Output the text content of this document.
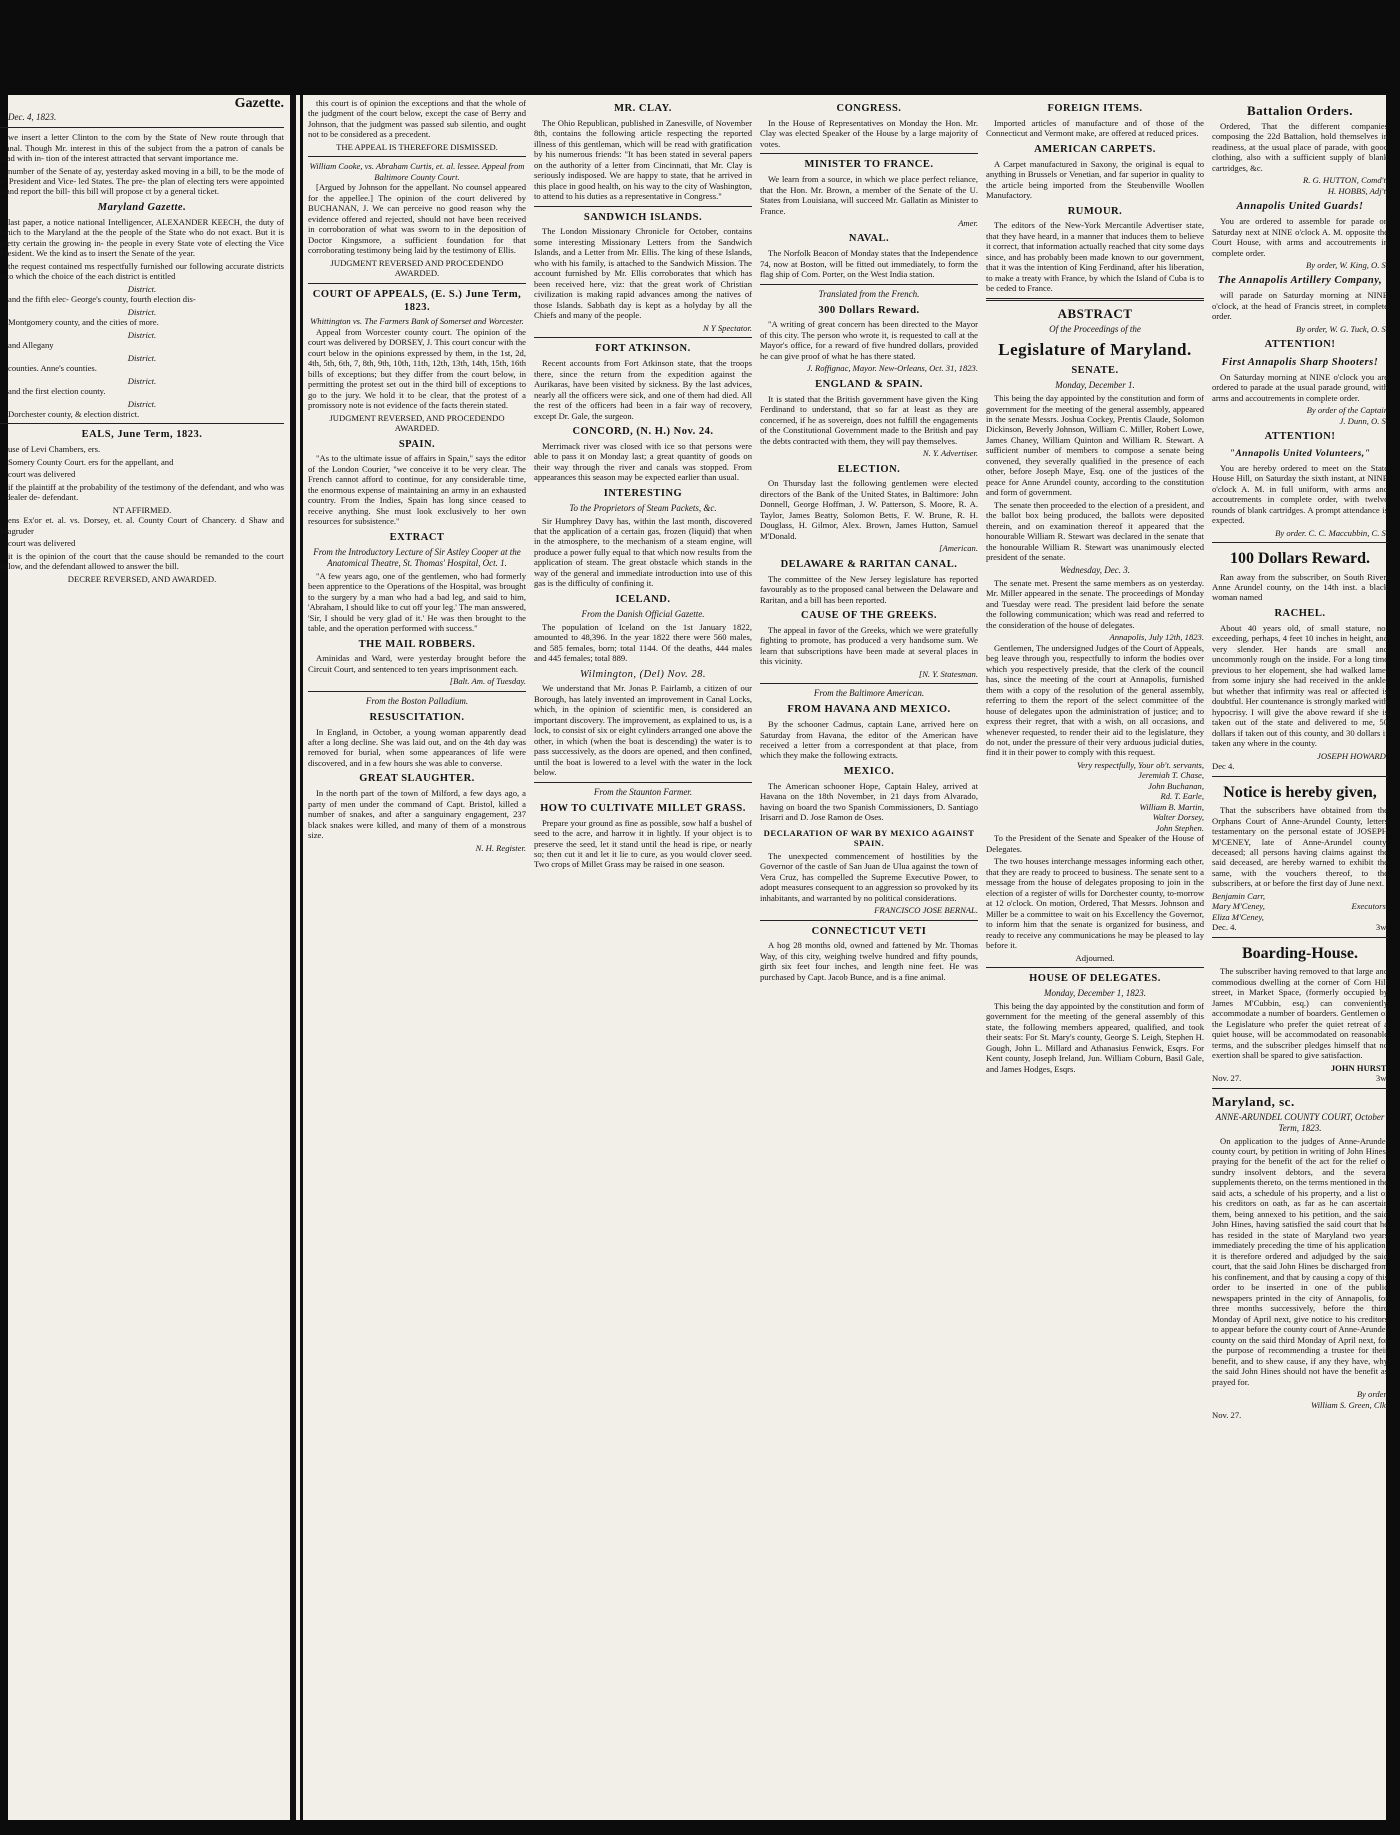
Gazette.
y, Dec. 4, 1823.

we insert a letter Clinton to the com by the State of New route through that Canal. Though Mr. interest in this of the subject from the a patron of canals be read with in- tion of the interest attracted that servant importance me.

number of the Senate of ay, yesterday asked moving in a bill, to be the mode of e- President and Vice- led States. The pre- the plan of electing ters were appointed a and report the bill- this bill will propose ct by a general ticket.

Maryland Gazette.

last paper, a notice national Intelligencer, ALEXANDER KEECH, the duty of which to the Maryland at the the people of the State who do not exact. But it is pretty certain the growing in- the people in every State vote of electing the Vice President. We the kind as to insert the Senate of the year.

the request contained ms respectfully furnished our following accurate districts into which the choice of the each district is entitled

District.

and the fifth elec- George's county, fourth election dis-

District.

Montgomery county, and the cities of more.

District.

and Allegany

District.

counties. Anne's counties.

District.

and the first election county.

District.

Dorchester county, & election district.

EALS, June Term, 1823.

use of Levi Chambers, ers.

Somery County Court. ers for the appellant, and

court was delivered

if the plaintiff at the probability of the testimony of the defendant, and who was a dealer de- defendant.

NT AFFIRMED.

ens Ex'or et. al. vs. Dorsey, et. al. County Court of Chancery. d Shaw and Magruder

court was delivered

it is the opinion of the court that the cause should be remanded to the court below, and the defendant allowed to answer the bill.

DECREE REVERSED, AND AWARDED.

this court is of opinion the exceptions and that the whole of the judgment of the court below, except the case of Berry and Johnson, that the judgment was passed sub silentio, and ought not to be considered as a precedent.

THE APPEAL IS THEREFORE DISMISSED.
William Cooke, vs. Abraham Curtis, et. al. lessee. Appeal from Baltimore County Court.

[Argued by Johnson for the appellant. No counsel appeared for the appellee.] The opinion of the court delivered by BUCHANAN, J. We can perceive no good reason why the evidence offered and rejected, should not have been received in corroboration of what was sworn to in the deposition of Doctor Kingsmore, a sufficient foundation for that corroborating testimony being laid by the testimony of Ellis.

JUDGMENT REVERSED AND PROCEDENDO AWARDED.
COURT OF APPEALS, (E. S.) June Term, 1823.
Whittington vs. The Farmers Bank of Somerset and Worcester.

Appeal from Worcester county court. The opinion of the court was delivered by DORSEY, J. This court concur with the court below in the opinions expressed by them, in the 1st, 2d, 4th, 5th, 6th, 7, 8th, 9th, 10th, 11th, 12th, 13th, 14th, 15th, 16th bills of exceptions; but they differ from the court below, in permitting the protest set out in the third bill of exceptions to go to the jury. We hold it to be clear, that the protest of a promissory note is not evidence of the facts therein stated.

JUDGMENT REVERSED, AND PROCEDENDO AWARDED.
SPAIN.

"As to the ultimate issue of affairs in Spain," says the editor of the London Courier, "we conceive it to be very clear. The French cannot afford to continue, for any considerable time, the enormous expense of maintaining an army in an exhausted country. From the Indies, Spain has long since ceased to receive anything. She must look exclusively to her own resources for subsistence."

EXTRACT
From the Introductory Lecture of Sir Astley Cooper at the Anatomical Theatre, St. Thomas' Hospital, Oct. 1.

"A few years ago, one of the gentlemen, who had formerly been apprentice to the Operations of the Hospital, was brought to the surgery by a man who had a bad leg, and said to him, 'Abraham, I should like to cut off your leg.' The man answered, 'Sir, I should be very glad of it.' He was then brought to the table, and the operation performed with success."

THE MAIL ROBBERS.

Aminidas and Ward, were yesterday brought before the Circuit Court, and sentenced to ten years imprisonment each.

[Balt. Am. of Tuesday.
From the Boston Palladium.
RESUSCITATION.

In England, in October, a young woman apparently dead after a long decline. She was laid out, and on the 4th day was removed for burial, when some appearances of life were discovered, and in a few hours she was able to converse.

GREAT SLAUGHTER.

In the north part of the town of Milford, a few days ago, a party of men under the command of Capt. Bristol, killed a number of snakes, and after a sanguinary engagement, 237 black snakes were killed, and many of them of a monstrous size.

N. H. Register.
MR. CLAY.

The Ohio Republican, published in Zanesville, of November 8th, contains the following article respecting the reported illness of this gentleman, which will be read with gratification by his numerous friends: "It has been stated in several papers on the authority of a letter from Cincinnati, that Mr. Clay is seriously indisposed. We are happy to state, that he arrived in this place in good health, on his way to the city of Washington, to attend to his duties as a representative in Congress."

SANDWICH ISLANDS.

The London Missionary Chronicle for October, contains some interesting Missionary Letters from the Sandwich Islands, and a Letter from Mr. Ellis. The king of these Islands, who with his family, is attached to the Sandwich Mission. The account furnished by Mr. Ellis corroborates that which has been received here, viz: that the great work of Christian civilization is making rapid advances among the natives of those Islands. Sabbath day is kept as a holyday by all the Chiefs and many of the people.

N Y Spectator.
FORT ATKINSON.

Recent accounts from Fort Atkinson state, that the troops there, since the return from the expedition against the Aurikaras, have been visited by sickness. By the last advices, nearly all the officers were sick, and one of them had died. All the rest of the officers had been in a fair way of recovery, except Dr. Gale, the surgeon.

CONCORD, (N. H.) Nov. 24.

Merrimack river was closed with ice so that persons were able to pass it on Monday last; a great quantity of goods on their way through the river and canals was stopped. From appearances this season may be expected earlier than usual.

INTERESTING
To the Proprietors of Steam Packets, &c.

Sir Humphrey Davy has, within the last month, discovered that the application of a certain gas, frozen (liquid) that when in the atmosphere, to the mechanism of a steam engine, will produce a power fully equal to that which now results from the application of steam. The great obstacle which stands in the way of the general and immediate introduction into use of this gas is the difficulty of confining it.

ICELAND.
From the Danish Official Gazette.

The population of Iceland on the 1st January 1822, amounted to 48,396. In the year 1822 there were 560 males, and 585 females, born; total 1144. Of the deaths, 444 males and 445 females; total 889.

Wilmington, (Del) Nov. 28.

We understand that Mr. Jonas P. Fairlamb, a citizen of our Borough, has lately invented an improvement in Canal Locks, which, in the opinion of scientific men, is considered an important discovery. The improvement, as explained to us, is a lock, to consist of six or eight cylinders arranged one above the other, in which (when the boat is descending) the water is to pass successively, as the doors are opened, and then confined, until the boat is lowered to a level with the water in the lock below.

From the Staunton Farmer.
HOW TO CULTIVATE MILLET GRASS.

Prepare your ground as fine as possible, sow half a bushel of seed to the acre, and harrow it in lightly. If your object is to preserve the seed, let it stand until the head is ripe, or nearly so; then cut it and let it lie to cure, as you would clover seed. Two crops of Millet Grass may be raised in one season.

CONGRESS.

In the House of Representatives on Monday the Hon. Mr. Clay was elected Speaker of the House by a large majority of votes.

MINISTER TO FRANCE.

We learn from a source, in which we place perfect reliance, that the Hon. Mr. Brown, a member of the Senate of the U. States from Louisiana, will succeed Mr. Gallatin as Minister to France.

Amer.
NAVAL.

The Norfolk Beacon of Monday states that the Independence 74, now at Boston, will be fitted out immediately, to form the flag ship of Com. Porter, on the West India station.

Translated from the French.
300 Dollars Reward.

"A writing of great concern has been directed to the Mayor of this city. The person who wrote it, is requested to call at the Mayor's office, for a reward of five hundred dollars, provided he can give proof of what he has there stated.

J. Roffignac, Mayor. New-Orleans, Oct. 31, 1823.
ENGLAND & SPAIN.

It is stated that the British government have given the King Ferdinand to understand, that so far at least as they are concerned, if he as sovereign, does not fulfill the engagements of the Constitutional Government made to the British and pay the debts contracted with them, they will pay themselves.

N. Y. Advertiser.
ELECTION.

On Thursday last the following gentlemen were elected directors of the Bank of the United States, in Baltimore: John Donnell, George Hoffman, J. W. Patterson, S. Moore, R. A. Taylor, James Beatty, Solomon Betts, F. W. Brune, R. H. Douglass, H. Gilmor, Alex. Brown, James Hutton, Samuel M'Donald.

[American.
DELAWARE & RARITAN CANAL.

The committee of the New Jersey legislature has reported favourably as to the proposed canal between the Delaware and Raritan, and a bill has been reported.

CAUSE OF THE GREEKS.

The appeal in favor of the Greeks, which we were gratefully fighting to promote, has produced a very handsome sum. We learn that subscriptions have been made at several places in this vicinity.

[N. Y. Statesman.
From the Baltimore American.
FROM HAVANA AND MEXICO.

By the schooner Cadmus, captain Lane, arrived here on Saturday from Havana, the editor of the American have received a letter from a correspondent at that place, from which they make the following extracts.

MEXICO.

The American schooner Hope, Captain Haley, arrived at Havana on the 18th November, in 21 days from Alvarado, having on board the two Spanish Commissioners, D. Santiago Irisarri and D. Jose Ramon de Oses.

DECLARATION OF WAR BY MEXICO AGAINST SPAIN.

The unexpected commencement of hostilities by the Governor of the castle of San Juan de Ulua against the town of Vera Cruz, has compelled the Supreme Executive Power, to adopt measures consequent to an aggression so provoked by its inhabitants, and warranted by no political considerations.

FRANCISCO JOSE BERNAL.
CONNECTICUT VETI

A hog 28 months old, owned and fattened by Mr. Thomas Way, of this city, weighing twelve hundred and fifty pounds, girth six feet four inches, and length nine feet. He was purchased by Capt. Jacob Bunce, and is a fine animal.

FOREIGN ITEMS.

Imported articles of manufacture and of those of the Connecticut and Vermont make, are offered at reduced prices.

AMERICAN CARPETS.

A Carpet manufactured in Saxony, the original is equal to anything in Brussels or Venetian, and far superior in quality to the article being imported from the Steubenville Woollen Manufactory.

RUMOUR.

The editors of the New-York Mercantile Advertiser state, that they have heard, in a manner that induces them to believe it correct, that information actually reached that city some days since, and has probably been made known to our government, that it was the intention of King Ferdinand, after his liberation, to make a treaty with France, by which the Island of Cuba is to be ceded to France.

ABSTRACT
Of the Proceedings of the
Legislature of Maryland.
SENATE.
Monday, December 1.

This being the day appointed by the constitution and form of government for the meeting of the general assembly, appeared in the senate Messrs. Joshua Cockey, Prentis Claude, Solomon Dickinson, Beverly Johnson, William C. Miller, Robert Lowe, James Chaney, William Quinton and William R. Stewart. A sufficient number of members to compose a senate being convened, they severally qualified in the presence of each other, before Joseph Maye, Esq. one of the justices of the peace for Anne Arundel county, according to the constitution and form of government.

The senate then proceeded to the election of a president, and the ballot box being produced, the ballots were deposited therein, and on examination thereof it appeared that the honourable William R. Stewart was declared in the senate that the honourable William R. Stewart was unanimously elected president of the senate.

Wednesday, Dec. 3.

The senate met. Present the same members as on yesterday. Mr. Miller appeared in the senate. The proceedings of Monday and Tuesday were read. The president laid before the senate the following communication; which was read and referred to the consideration of the house of delegates.

Annapolis, July 12th, 1823.

Gentlemen, The undersigned Judges of the Court of Appeals, beg leave through you, respectfully to inform the bodies over which you respectively preside, that the clerk of the council has, since the meeting of the court at Annapolis, furnished them with a copy of the resolution of the general assembly, referring to them the report of the select committee of the house of delegates upon the administration of justice; and to express their regret, that with a wish, on all occasions, and whenever requested, to render their aid to the legislature, they do not, under the pressure of their very arduous judicial duties, find it in their power to comply with this request.

Very respectfully, Your ob't. servants,
Jeremiah T. Chase,
John Buchanan,
Rd. T. Earle,
William B. Martin,
Walter Dorsey,
John Stephen.

To the President of the Senate and Speaker of the House of Delegates.

The two houses interchange messages informing each other, that they are ready to proceed to business. The senate sent to a message from the house of delegates proposing to join in the election of a register of wills for Dorchester county, to-morrow at 12 o'clock. On motion, Ordered, That Messrs. Johnson and Miller be a committee to wait on his Excellency the Governor, to inform him that the senate is organized for business, and ready to receive any communications he may be pleased to lay before it.

Adjourned.
HOUSE OF DELEGATES.
Monday, December 1, 1823.

This being the day appointed by the constitution and form of government for the meeting of the general assembly of this state, the following members appeared, qualified, and took their seats: For St. Mary's county, George S. Leigh, Stephen H. Gough, John L. Millard and Athanasius Fenwick, Esqrs. For Kent county, Joseph Ireland, Jun. William Coburn, Basil Gale, and James Hodges, Esqrs.

Battalion Orders.

Ordered, That the different companies composing the 22d Battalion, hold themselves in readiness, at the usual place of parade, with good clothing, also with a sufficient supply of blank cartridges, &c.

R. G. HUTTON, Comd't.
H. HOBBS, Adj't.
Annapolis United Guards!

You are ordered to assemble for parade on Saturday next at NINE o'clock A. M. opposite the Court House, with arms and accoutrements in complete order.

By order, W. King, O. S.
The Annapolis Artillery Company,

will parade on Saturday morning at NINE o'clock, at the head of Francis street, in complete order.

By order, W. G. Tuck, O. S.
ATTENTION!
First Annapolis Sharp Shooters!

On Saturday morning at NINE o'clock you are ordered to parade at the usual parade ground, with arms and accoutrements in complete order.

By order of the Captain
J. Dunn, O. S.
ATTENTION!
"Annapolis United Volunteers,"

You are hereby ordered to meet on the State House Hill, on Saturday the sixth instant, at NINE o'clock A. M. in full uniform, with arms and accoutrements in complete order, with twelve rounds of blank cartridges. A prompt attendance is expected.

By order. C. C. Maccubbin, C. S.
100 Dollars Reward.

Ran away from the subscriber, on South River, Anne Arundel county, on the 14th inst. a black woman named

RACHEL.

About 40 years old, of small stature, not exceeding, perhaps, 4 feet 10 inches in height, and very slender. Her hands are small and uncommonly rough on the inside. For a long time previous to her elopement, she had walked lame, from some injury she had received in the ankle, but whether that infirmity was real or affected is doubtful. Her countenance is strongly marked with hypocrisy. I will give the above reward if she is taken out of the state and delivered to me, 50 dollars if taken out of this county, and 30 dollars if taken any where in the county.

JOSEPH HOWARD.
Dec 4.
Notice is hereby given,

That the subscribers have obtained from the Orphans Court of Anne-Arundel County, letters testamentary on the personal estate of JOSEPH M'CENEY, late of Anne-Arundel county, deceased; all persons having claims against the said deceased, are hereby warned to exhibit the same, with the vouchers thereof, to the subscribers, at or before the first day of June next.

Benjamin Carr,
Mary M'Ceney,
Eliza M'Ceney,
Executors.
Dec. 4.	3w.
Boarding-House.

The subscriber having removed to that large and commodious dwelling at the corner of Corn Hill street, in Market Space, (formerly occupied by James M'Cubbin, esq.) can conveniently accommodate a number of boarders. Gentlemen of the Legislature who prefer the quiet retreat of a quiet house, will be accommodated on reasonable terms, and the subscriber pledges himself that no exertion shall be spared to give satisfaction.

JOHN HURST.
Nov. 27.	3w.
Maryland, sc.
ANNE-ARUNDEL COUNTY COURT, October Term, 1823.

On application to the judges of Anne-Arundel county court, by petition in writing of John Hines, praying for the benefit of the act for the relief of sundry insolvent debtors, and the several supplements thereto, on the terms mentioned in the said acts, a schedule of his property, and a list of his creditors on oath, as far as he can ascertain them, being annexed to his petition, and the said John Hines, having satisfied the said court that he has resided in the state of Maryland two years immediately preceding the time of his application; it is therefore ordered and adjudged by the said court, that the said John Hines be discharged from his confinement, and that by causing a copy of this order to be inserted in one of the public newspapers printed in the city of Annapolis, for three months successively, before the third Monday of April next, give notice to his creditors to appear before the county court of Anne-Arundel county on the said third Monday of April next, for the purpose of recommending a trustee for their benefit, and to shew cause, if any they have, why the said John Hines should not have the benefit as prayed for.

By order,
William S. Green, Clk.
Nov. 27.
